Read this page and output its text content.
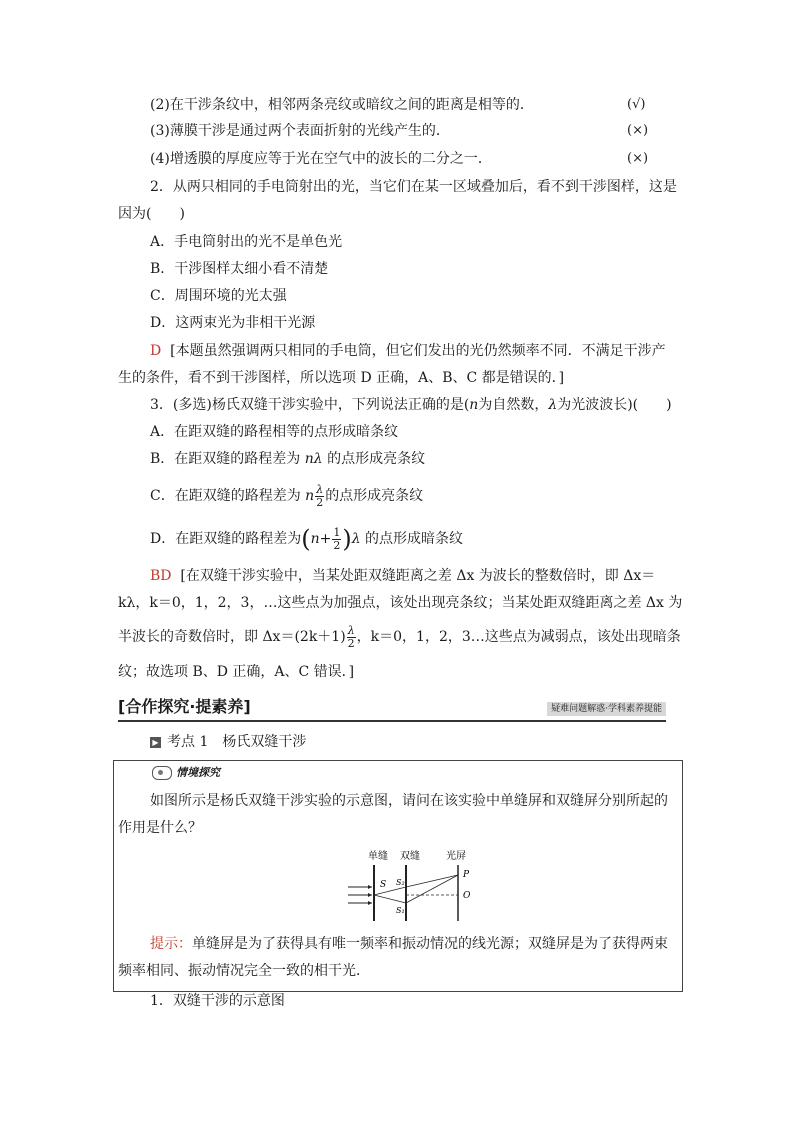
(2)在干涉条纹中，相邻两条亮纹或暗纹之间的距离是相等的．	(√)
(3)薄膜干涉是通过两个表面折射的光线产生的．	(×)
(4)增透膜的厚度应等于光在空气中的波长的二分之一．	(×)
2．从两只相同的手电筒射出的光，当它们在某一区域叠加后，看不到干涉图样，这是
因为(　　)
A．手电筒射出的光不是单色光
B．干涉图样太细小看不清楚
C．周围环境的光太强
D．这两束光为非相干光源
D [本题虽然强调两只相同的手电筒，但它们发出的光仍然频率不同．不满足干涉产
生的条件，看不到干涉图样，所以选项 D 正确，A、B、C 都是错误的．]
3．(多选)杨氏双缝干涉实验中，下列说法正确的是(n为自然数，λ为光波波长)(　　)
A．在距双缝的路程相等的点形成暗条纹
B．在距双缝的路程差为 nλ 的点形成亮条纹
C．在距双缝的路程差为 n $\frac{\lambda}{2}$ 的点形成亮条纹
D．在距双缝的路程差为$(n+ \frac{1}{2} )\lambda$ 的点形成暗条纹
BD [在双缝干涉实验中，当某处距双缝距离之差 Δx 为波长的整数倍时，即 Δx＝
kλ，k＝0，1，2，3，…这些点为加强点，该处出现亮条纹；当某处距双缝距离之差 Δx 为
半波长的奇数倍时，即 $\Delta x=(2k+1) \frac{\lambda}{2}$ ，k＝0，1，2，3…这些点为减弱点，该处出现暗条
纹；故选项 B、D 正确，A、C 错误．]
[合作探究·提素养]	疑难问题解惑·学科素养提能
▶ 考点 1　杨氏双缝干涉
情境探究
如图所示是杨氏双缝干涉实验的示意图，请问在该实验中单缝屏和双缝屏分别所起的
作用是什么？
单缝 双缝	光屏
S S₂
S₁
P
O
提示：单缝屏是为了获得具有唯一频率和振动情况的线光源；双缝屏是为了获得两束
频率相同、振动情况完全一致的相干光．
1．双缝干涉的示意图
